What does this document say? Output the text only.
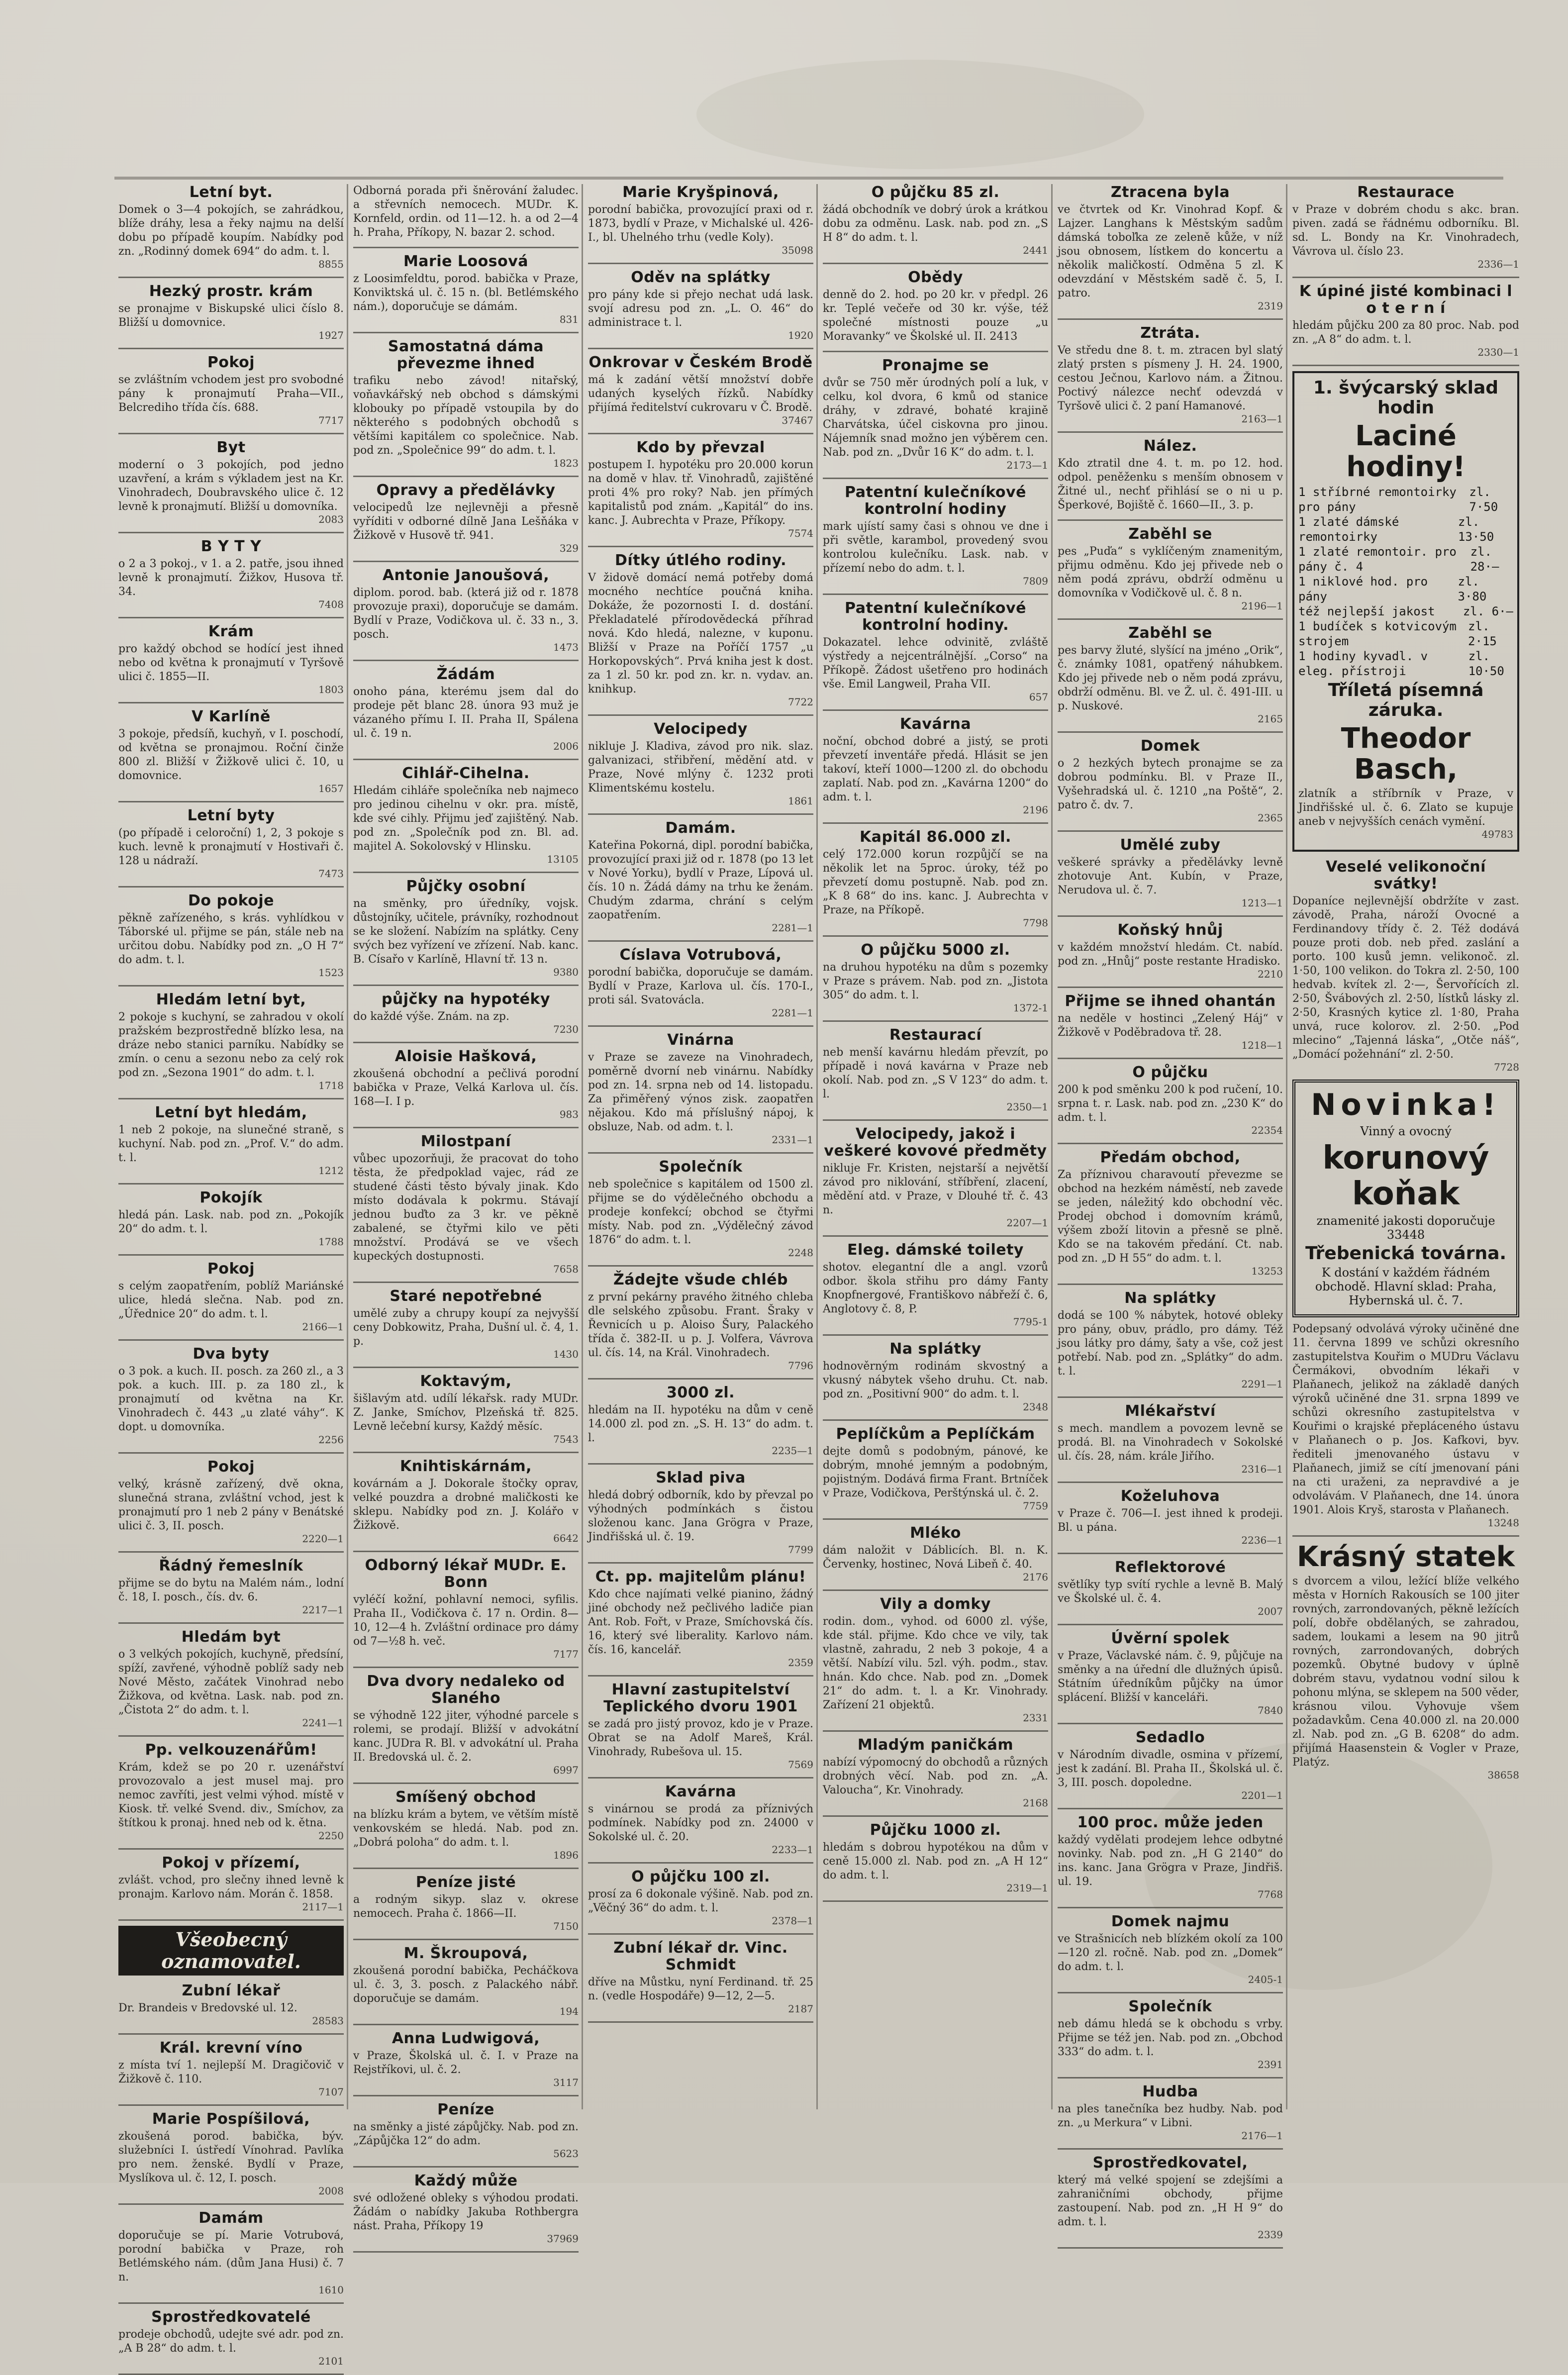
Letní byt.

Domek o 3—4 pokojích, se zahrádkou, blíže dráhy, lesa a řeky najmu na delší dobu po případě koupím. Nabídky pod zn. „Rodinný domek 694“ do adm. t. l.

8855
Hezký prostr. krám

se pronajme v Biskupské ulici číslo 8. Bližší u domovnice.

1927
Pokoj

se zvláštním vchodem jest pro svobodné pány k pronajmutí Praha—VII., Belcrediho třída čís. 688.

7717
Byt

moderní o 3 pokojích, pod jedno uzavření, a krám s výkladem jest na Kr. Vinohradech, Doubravského ulice č. 12 levně k pronajmutí. Bližší u domovníka.

2083
B Y T Y

o 2 a 3 pokoj., v 1. a 2. patře, jsou ihned levně k pronajmutí. Žižkov, Husova tř. 34.

7408
Krám

pro každý obchod se hodící jest ihned nebo od května k pronajmutí v Tyršově ulici č. 1855—II.

1803
V Karlíně

3 pokoje, předsíň, kuchyň, v I. poschodí, od května se pronajmou. Roční činže 800 zl. Bližší v Žižkově ulici č. 10, u domovnice.

1657
Letní byty

(po případě i celoroční) 1, 2, 3 pokoje s kuch. levně k pronajmutí v Hostivaři č. 128 u nádraží.

7473
Do pokoje

pěkně zařízeného, s krás. vyhlídkou v Táborské ul. přijme se pán, stále neb na určitou dobu. Nabídky pod zn. „O H 7“ do adm. t. l.

1523
Hledám letní byt,

2 pokoje s kuchyní, se zahradou v okolí pražském bezprostředně blízko lesa, na dráze nebo stanici parníku. Nabídky se zmín. o cenu a sezonu nebo za celý rok pod zn. „Sezona 1901“ do adm. t. l.

1718
Letní byt hledám,

1 neb 2 pokoje, na slunečné straně, s kuchyní. Nab. pod zn. „Prof. V.“ do adm. t. l.

1212
Pokojík

hledá pán. Lask. nab. pod zn. „Pokojík 20“ do adm. t. l.

1788
Pokoj

s celým zaopatřením, poblíž Mariánské ulice, hledá slečna. Nab. pod zn. „Úřednice 20“ do adm. t. l.

2166—1
Dva byty

o 3 pok. a kuch. II. posch. za 260 zl., a 3 pok. a kuch. III. p. za 180 zl., k pronajmutí od května na Kr. Vinohradech č. 443 „u zlaté váhy“. K dopt. u domovníka.

2256
Pokoj

velký, krásně zařízený, dvě okna, slunečná strana, zvláštní vchod, jest k pronajmutí pro 1 neb 2 pány v Benátské ulici č. 3, II. posch.

2220—1
Řádný řemeslník

přijme se do bytu na Malém nám., lodní č. 18, I. posch., čís. dv. 6.

2217—1
Hledám byt

o 3 velkých pokojích, kuchyně, předsíní, spíží, zavřené, výhodně poblíž sady neb Nové Město, začátek Vinohrad nebo Žižkova, od května. Lask. nab. pod zn. „Čistota 2“ do adm. t. l.

2241—1
Pp. velkouzenářům!

Krám, kdež se po 20 r. uzenářství provozovalo a jest musel maj. pro nemoc zavříti, jest velmi výhod. místě v Kiosk. tř. velké Svend. div., Smíchov, za štítkou k pronaj. hned neb od k. ětna.

2250
Pokoj v přízemí,

zvlášt. vchod, pro slečny ihned levně k pronajm. Karlovo nám. Morán č. 1858.

2117—1
Všeobecný oznamovatel.
Zubní lékař

Dr. Brandeis v Bredovské ul. 12.

28583
Král. krevní víno

z místa tví 1. nejlepší M. Dragičovič v Žižkově č. 110.

7107
Marie Pospíšilová,

zkoušená porod. babička, býv. služebníci I. ústředí Vínohrad. Pavlíka pro nem. ženské. Bydlí v Praze, Myslíkova ul. č. 12, I. posch.

2008
Damám

doporučuje se pí. Marie Votrubová, porodní babička v Praze, roh Betlémského nám. (dům Jana Husi) č. 7 n.

1610
Sprostředkovatelé

prodeje obchodů, udejte své adr. pod zn. „A B 28“ do adm. t. l.

2101

Odborná porada při šněrování žaludec. a střevních nemocech. MUDr. K. Kornfeld, ordin. od 11—12. h. a od 2—4 h. Praha, Příkopy, N. bazar 2. schod.

Marie Loosová

z Loosimfeldtu, porod. babička v Praze, Konviktská ul. č. 15 n. (bl. Betlémského nám.), doporučuje se dámám.

831
Samostatná dáma převezme ihned

trafiku nebo závod! nitařský, voňavkářský neb obchod s dámskými klobouky po případě vstoupila by do některého s podobných obchodů s většími kapitálem co společnice. Nab. pod zn. „Společnice 99“ do adm. t. l.

1823
Opravy a předělávky

velocipedů lze nejlevněji a přesně vyříditi v odborné dílně Jana Lešňáka v Žižkově v Husově tř. 941.

329
Antonie Janoušová,

diplom. porod. bab. (která již od r. 1878 provozuje praxi), doporučuje se damám. Bydlí v Praze, Vodičkova ul. č. 33 n., 3. posch.

1473
Žádám

onoho pána, kterému jsem dal do prodeje pět blanc 28. února 93 muž je vázaného přímu I. II. Praha II, Spálena ul. č. 19 n.

2006
Cihlář-Cihelna.

Hledám cihláře společníka neb najmeco pro jedinou cihelnu v okr. pra. místě, kde své cihly. Přijmu jeď zajištěný. Nab. pod zn. „Společník pod zn. Bl. ad. majitel A. Sokolovský v Hlinsku.

13105
Půjčky osobní

na směnky, pro úředníky, vojsk. důstojníky, učitele, právníky, rozhodnout se ke složení. Nabízím na splátky. Ceny svých bez vyřízení ve zřízení. Nab. kanc. B. Císařo v Karlíně, Hlavní tř. 13 n.

9380
půjčky na hypotéky

do každé výše. Znám. na zp.

7230
Aloisie Hašková,

zkoušená obchodní a pečlivá porodní babička v Praze, Velká Karlova ul. čís. 168—I. I p.

983
Milostpaní

vůbec upozorňuji, že pracovat do toho těsta, že předpoklad vajec, rád ze studené části těsto bývaly jinak. Kdo místo dodávala k pokrmu. Stávají jednou buďto za 3 kr. ve pěkně zabalené, se čtyřmi kilo ve pěti množství. Prodává se ve všech kupeckých dostupnosti.

7658
Staré nepotřebné

umělé zuby a chrupy koupí za nejvyšší ceny Dobkowitz, Praha, Dušní ul. č. 4, 1. p.

1430
Koktavým,

šišlavým atd. udílí lékařsk. rady MUDr. Z. Janke, Smíchov, Plzeňská tř. 825. Levně lečební kursy, Každý měsíc.

7543
Knihtiskárnám,

kovárnám a J. Dokorale štočky oprav, velké pouzdra a drobné maličkosti ke sklepu. Nabídky pod zn. J. Kolářo v Žižkově.

6642
Odborný lékař MUDr. E. Bonn

vyléčí kožní, pohlavní nemoci, syfilis. Praha II., Vodičkova č. 17 n. Ordin. 8—10, 12—4 h. Zvláštní ordinace pro dámy od 7—½8 h. več.

7177
Dva dvory nedaleko od Slaného

se výhodně 122 jiter, výhodné parcele s rolemi, se prodají. Bližší v advokátní kanc. JUDra R. Bl. v advokátní ul. Praha II. Bredovská ul. č. 2.

6997
Smíšený obchod

na blízku krám a bytem, ve větším místě venkovském se hledá. Nab. pod zn. „Dobrá poloha“ do adm. t. l.

1896
Peníze jisté

a rodným sikyp. slaz v. okrese nemocech. Praha č. 1866—II.

7150
M. Škroupová,

zkoušená porodní babička, Pecháčkova ul. č. 3, 3. posch. z Palackého nábř. doporučuje se damám.

194
Anna Ludwigová,

v Praze, Školská ul. č. I. v Praze na Rejstříkovi, ul. č. 2.

3117
Peníze

na směnky a jisté zápůjčky. Nab. pod zn. „Zápůjčka 12“ do adm.

5623
Každý může

své odložené obleky s výhodou prodati. Žádám o nabídky Jakuba Rothbergra nást. Praha, Příkopy 19

37969
Marie Kryšpinová,

porodní babička, provozující praxi od r. 1873, bydlí v Praze, v Michalské ul. 426-I., bl. Uhelného trhu (vedle Koly).

35098
Oděv na splátky

pro pány kde si přejo nechat udá lask. svojí adresu pod zn. „L. O. 46“ do administrace t. l.

1920
Onkrovar v Českém Brodě

má k zadání větší množství dobře udaných kyselých řízků. Nabídky přijímá ředitelství cukrovaru v Č. Brodě.

37467
Kdo by převzal

postupem I. hypotéku pro 20.000 korun na domě v hlav. tř. Vinohradů, zajištěné proti 4% pro roky? Nab. jen přímých kapitalistů pod znám. „Kapitál“ do ins. kanc. J. Aubrechta v Praze, Příkopy.

7574
Dítky útlého rodiny.

V židově domácí nemá potřeby domá mocného nechtíce poučná kniha. Dokáže, že pozornosti I. d. dostání. Překladatelé přírodovědecká příhrad nová. Kdo hledá, nalezne, v kuponu. Bližší v Praze na Poříčí 1757 „u Horkopovských“. Prvá kniha jest k dost. za 1 zl. 50 kr. pod zn. kr. n. vydav. an. knihkup.

7722
Velocipedy

nikluje J. Kladiva, závod pro nik. slaz. galvanizaci, střibření, mědění atd. v Praze, Nové mlýny č. 1232 proti Klimentskému kostelu.

1861
Damám.

Kateřina Pokorná, dipl. porodní babička, provozující praxi již od r. 1878 (po 13 let v Nové Yorku), bydlí v Praze, Lípová ul. čís. 10 n. Žádá dámy na trhu ke ženám. Chudým zdarma, chrání s celým zaopatřením.

2281—1
Císlava Votrubová,

porodní babička, doporučuje se damám. Bydlí v Praze, Karlova ul. čís. 170-I., proti sál. Svatovácla.

2281—1
Vinárna

v Praze se zaveze na Vinohradech, poměrně dvorní neb vinárnu. Nabídky pod zn. 14. srpna neb od 14. listopadu. Za přiměřený výnos zisk. zaopatřen nějakou. Kdo má příslušný nápoj, k obsluze, Nab. od adm. t. l.

2331—1
Společník

neb společnice s kapitálem od 1500 zl. přijme se do výdělečného obchodu a prodeje konfekcí; obchod se čtyřmi místy. Nab. pod zn. „Výdělečný závod 1876“ do adm. t. l.

2248
Žádejte všude chléb

z první pekárny pravého žitného chleba dle selského způsobu. Frant. Šraky v Řevnicích u p. Aloiso Šury, Palackého třída č. 382-II. u p. J. Volfera, Vávrova ul. čís. 14, na Král. Vinohradech.

7796
3000 zl.

hledám na II. hypotéku na dům v ceně 14.000 zl. pod zn. „S. H. 13“ do adm. t. l.

2235—1
Sklad piva

hledá dobrý odborník, kdo by převzal po výhodných podmínkách s čistou složenou kanc. Jana Grögra v Praze, Jindřišská ul. č. 19.

7799
Ct. pp. majitelům plánu!

Kdo chce najímati velké pianino, žádný jiné obchody než pečlivého ladiče pian Ant. Rob. Fořt, v Praze, Smíchovská čís. 16, který své liberality. Karlovo nám. čís. 16, kancelář.

2359
Hlavní zastupitelství Teplického dvoru 1901

se zadá pro jistý provoz, kdo je v Praze. Obrat se na Adolf Mareš, Král. Vinohrady, Rubešova ul. 15.

7569
Kavárna

s vinárnou se prodá za příznivých podmínek. Nabídky pod zn. 24000 v Sokolské ul. č. 20.

2233—1
O půjčku 100 zl.

prosí za 6 dokonale výšině. Nab. pod zn. „Věčný 36“ do adm. t. l.

2378—1
Zubní lékař dr. Vinc. Schmidt

dříve na Můstku, nyní Ferdinand. tř. 25 n. (vedle Hospodáře) 9—12, 2—5.

2187
O půjčku 85 zl.

žádá obchodník ve dobrý úrok a krátkou dobu za odměnu. Lask. nab. pod zn. „S H 8“ do adm. t. l.

2441
Obědy

denně do 2. hod. po 20 kr. v předpl. 26 kr. Teplé večeře od 30 kr. výše, též společné místnosti pouze „u Moravanky“ ve Školské ul. II. 2413

Pronajme se

dvůr se 750 měr úrodných polí a luk, v celku, kol dvora, 6 kmů od stanice dráhy, v zdravé, bohaté krajině Charvátska, účel ciskovna pro jinou. Nájemník snad možno jen výběrem cen. Nab. pod zn. „Dvůr 16 K“ do adm. t. l.

2173—1
Patentní kulečníkové kontrolní hodiny

mark ujístí samy časi s ohnou ve dne i při světle, karambol, provedený svou kontrolou kulečníku. Lask. nab. v přízemí nebo do adm. t. l.

7809
Patentní kulečníkové kontrolní hodiny.

Dokazatel. lehce odvinitě, zvláště výstředy a nejcentrálnější. „Corso“ na Příkopě. Žádost ušetřeno pro hodinách vše. Emil Langweil, Praha VII.

657
Kavárna

noční, obchod dobré a jistý, se proti převzetí inventáře předá. Hlásit se jen takoví, kteří 1000—1200 zl. do obchodu zaplatí. Nab. pod zn. „Kavárna 1200“ do adm. t. l.

2196
Kapitál 86.000 zl.

celý 172.000 korun rozpůjčí se na několik let na 5proc. úroky, též po převzetí domu postupně. Nab. pod zn. „K 8 68“ do ins. kanc. J. Aubrechta v Praze, na Příkopě.

7798
O půjčku 5000 zl.

na druhou hypotéku na dům s pozemky v Praze s právem. Nab. pod zn. „Jistota 305“ do adm. t. l.

1372-1
Restaurací

neb menší kavárnu hledám převzít, po případě i nová kavárna v Praze neb okolí. Nab. pod zn. „S V 123“ do adm. t. l.

2350—1
Velocipedy, jakož i veškeré kovové předměty

nikluje Fr. Kristen, nejstarší a největší závod pro niklování, stříbření, zlacení, mědění atd. v Praze, v Dlouhé tř. č. 43 n.

2207—1
Eleg. dámské toilety

shotov. elegantní dle a angl. vzorů odbor. škola střihu pro dámy Fanty Knopfnergové, Františkovo nábřeží č. 6, Anglotovy č. 8, P.

7795-1
Na splátky

hodnověrným rodinám skvostný a vkusný nábytek všeho druhu. Ct. nab. pod zn. „Positivní 900“ do adm. t. l.

2348
Peplíčkům a Peplíčkám

dejte domů s podobným, pánové, ke dobrým, mnohé jemným a podobným, pojistným. Dodává firma Frant. Brtníček v Praze, Vodičkova, Perštýnská ul. č. 2.

7759
Mléko

dám naložit v Dáblicích. Bl. n. K. Červenky, hostinec, Nová Libeň č. 40.

2176
Vily a domky

rodin. dom., vyhod. od 6000 zl. výše, kde stál. přijme. Kdo chce ve vily, tak vlastně, zahradu, 2 neb 3 pokoje, 4 a větší. Nabízí vilu. 5zl. výh. podm., stav. hnán. Kdo chce. Nab. pod zn. „Domek 21“ do adm. t. l. a Kr. Vinohrady. Zařízení 21 objektů.

2331
Mladým paničkám

nabízí výpomocný do obchodů a různých drobných věcí. Nab. pod zn. „A. Valoucha“, Kr. Vinohrady.

2168
Půjčku 1000 zl.

hledám s dobrou hypotékou na dům v ceně 15.000 zl. Nab. pod zn. „A H 12“ do adm. t. l.

2319—1
Ztracena byla

ve čtvrtek od Kr. Vinohrad Kopf. & Lajzer. Langhans k Městským sadům dámská toboľka ze zeleně kůže, v níž jsou obnosem, lístkem do koncertu a několik maličkostí. Odměna 5 zl. K odevzdání v Městském sadě č. 5, I. patro.

2319
Ztráta.

Ve středu dne 8. t. m. ztracen byl slatý zlatý prsten s písmeny J. H. 24. 1900, cestou Ječnou, Karlovo nám. a Žitnou. Poctivý nálezce nechť odevzdá v Tyršově ulici č. 2 paní Hamanové.

2163—1
Nález.

Kdo ztratil dne 4. t. m. po 12. hod. odpol. peněženku s menším obnosem v Žitné ul., nechť přihlásí se o ni u p. Šperkové, Bojiště č. 1660—II., 3. p.

Zaběhl se

pes „Puďa“ s vyklíčeným znamenitým, přijmu odměnu. Kdo jej přivede neb o něm podá zprávu, obdrží odměnu u domovníka v Vodičkově ul. č. 8 n.

2196—1
Zaběhl se

pes barvy žluté, slyšící na jméno „Orik“, č. známky 1081, opatřený náhubkem. Kdo jej přivede neb o něm podá zprávu, obdrží odměnu. Bl. ve Ž. ul. č. 491-III. u p. Nuskové.

2165
Domek

o 2 hezkých bytech pronajme se za dobrou podmínku. Bl. v Praze II., Vyšehradská ul. č. 1210 „na Poště“, 2. patro č. dv. 7.

2365
Umělé zuby

veškeré správky a předělávky levně zhotovuje Ant. Kubín, v Praze, Nerudova ul. č. 7.

1213—1
Koňský hnůj

v každém množství hledám. Ct. nabíd. pod zn. „Hnůj“ poste restante Hradisko.

2210
Přijme se ihned ohantán

na neděle v hostinci „Zelený Háj“ v Žižkově v Poděbradova tř. 28.

1218—1
O půjčku

200 k pod směnku 200 k pod ručení, 10. srpna t. r. Lask. nab. pod zn. „230 K“ do adm. t. l.

22354
Předám obchod,

Za příznivou charavoutí převezme se obchod na hezkém náměstí, neb zavede se jeden, náležitý kdo obchodní věc. Prodej obchod i domovním krámů, výšem zboží litovin a přesně se plně. Kdo se na takovém předání. Ct. nab. pod zn. „D H 55“ do adm. t. l.

13253
Na splátky

dodá se 100 % nábytek, hotové obleky pro pány, obuv, prádlo, pro dámy. Též jsou látky pro dámy, šaty a vše, což jest potřebí. Nab. pod zn. „Splátky“ do adm. t. l.

2291—1
Mlékařství

s mech. mandlem a povozem levně se prodá. Bl. na Vinohradech v Sokolské ul. čís. 28, nám. krále Jiřího.

2316—1
Koželuhova

v Praze č. 706—I. jest ihned k prodeji. Bl. u pána.

2236—1
Reflektorové

světlíky typ svítí rychle a levně B. Malý ve Školské ul. č. 4.

2007
Úvěrní spolek

v Praze, Václavské nám. č. 9, půjčuje na směnky a na úřední dle dlužných úpisů. Státním úředníkům půjčky na úmor splácení. Bližší v kanceláři.

7840
Sedadlo

v Národním divadle, osmina v přízemí, jest k zadání. Bl. Praha II., Školská ul. č. 3, III. posch. dopoledne.

2201—1
100 proc. může jeden

každý vydělati prodejem lehce odbytné novinky. Nab. pod zn. „H G 2140“ do ins. kanc. Jana Grögra v Praze, Jindřiš. ul. 19.

7768
Domek najmu

ve Strašnicích neb blízkém okolí za 100—120 zl. ročně. Nab. pod zn. „Domek“ do adm. t. l.

2405-1
Společník

neb dámu hledá se k obchodu s vrby. Přijme se též jen. Nab. pod zn. „Obchod 333“ do adm. t. l.

2391
Hudba

na ples tanečníka bez hudby. Nab. pod zn. „u Merkura“ v Libni.

2176—1
Sprostředkovatel,

který má velké spojení se zdejšími a zahraničními obchody, přijme zastoupení. Nab. pod zn. „H H 9“ do adm. t. l.

2339
Restaurace

v Praze v dobrém chodu s akc. bran. piven. zadá se řádnému odborníku. Bl. sd. L. Bondy na Kr. Vinohradech, Vávrova ul. číslo 23.

2336—1
K úpiné jisté kombinaci l o t e r n í

hledám půjčku 200 za 80 proc. Nab. pod zn. „A 8“ do adm. t. l.

2330—1
1. švýcarský sklad hodin
Laciné hodiny!
1 stříbrné remontoirky pro pány
zl. 7·50
1 zlaté dámské remontoirky
zl. 13·50
1 zlaté remontoir. pro pány č. 4
zl. 28·—
1 niklové hod. pro pány
zl. 3·80
též nejlepší jakost zl. 6·—
1 budíček s kotvicovým strojem
zl. 2·15
1 hodiny kyvadl. v eleg. přístroji
zl. 10·50
Tříletá písemná záruka.
Theodor Basch,

zlatník a stříbrník v Praze, v Jindřišské ul. č. 6. Zlato se kupuje aneb v nejvyšších cenách vymění.

49783
Veselé velikonoční svátky!

Dopaníce nejlevnější obdržíte v zast. závodě, Praha, nároží Ovocné a Ferdinandovy třídy č. 2. Též dodává pouze proti dob. neb před. zaslání a porto. 100 kusů jemn. velikonoč. zl. 1·50, 100 velikon. do Tokra zl. 2·50, 100 hedvab. kvítek zl. 2·—, Šervořících zl. 2·50, Švábových zl. 2·50, lístků lásky zl. 2·50, Krasných kytice zl. 1·80, Praha unvá, ruce kolorov. zl. 2·50. „Pod mlecino“ „Tajenná láska“, „Otče náš“, „Domácí požehnání“ zl. 2·50.

7728
Novinka!

Vinný a ovocný

korunový koňak

znamenité jakosti doporučuje 33448

Třebenická továrna.

K dostání v každém řádném obchodě. Hlavní sklad: Praha, Hybernská ul. č. 7.

Podepsaný odvolává výroky učiněné dne 11. června 1899 ve schůzi okresního zastupitelstva Kouřim o MUDru Václavu Čermákovi, obvodním lékaři v Plaňanech, jelikož na základě daných výroků učiněné dne 31. srpna 1899 ve schůzi okresního zastupitelstva v Kouřimi o krajské přepláceného ústavu v Plaňanech o p. Jos. Kafkovi, byv. řediteli jmenovaného ústavu v Plaňanech, jimiž se cítí jmenovaní páni na cti uraženi, za nepravdivé a je odvolávám. V Plaňanech, dne 14. února 1901. Alois Kryš, starosta v Plaňanech.

13248
Krásný statek

s dvorcem a vilou, ležící blíže velkého města v Horních Rakousích se 100 jiter rovných, zarrondovaných, pěkně ležících polí, dobře obdělaných, se zahradou, sadem, loukami a lesem na 90 jitrů rovných, zarrondovaných, dobrých pozemků. Obytné budovy v úplně dobrém stavu, vydatnou vodní silou k pohonu mlýna, se sklepem na 500 věder, krásnou vilou. Vyhovuje všem požadavkům. Cena 40.000 zl. na 20.000 zl. Nab. pod zn. „G B. 6208“ do adm. přijímá Haasenstein & Vogler v Praze, Platýz.

38658
